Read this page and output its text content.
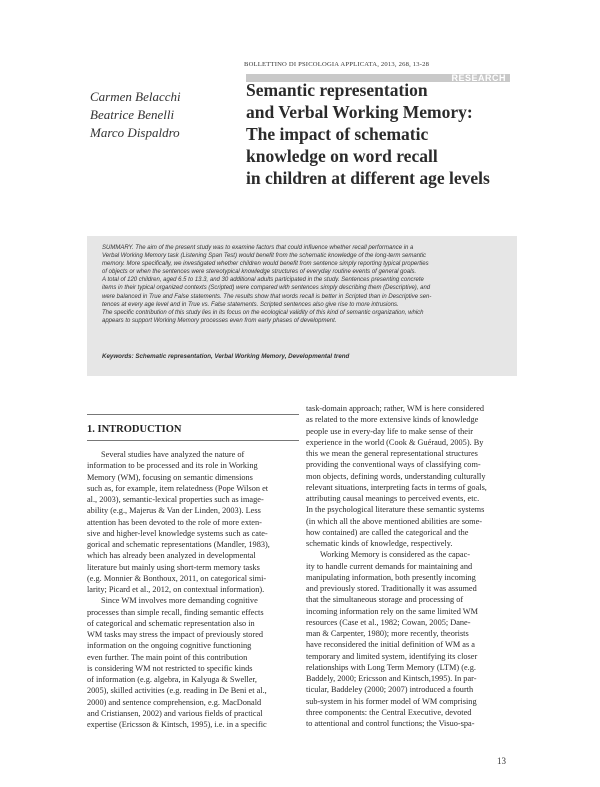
BOLLETTINO DI PSICOLOGIA APPLICATA, 2013, 268, 13-28
RESEARCH
Carmen Belacchi
Beatrice Benelli
Marco Dispaldro
Semantic representation
and Verbal Working Memory:
The impact of schematic
knowledge on word recall
in children at different age levels
SUMMARY. The aim of the present study was to examine factors that could influence whether recall performance in a
Verbal Working Memory task (Listening Span Test) would benefit from the schematic knowledge of the long-term semantic
memory. More specifically, we investigated whether children would benefit from sentence simply reporting typical properties
of objects or when the sentences were stereotypical knowledge structures of everyday routine events of general goals.
A total of 120 children, aged 6.5 to 13.3, and 30 additional adults participated in the study. Sentences presenting concrete
items in their typical organized contexts (Scripted) were compared with sentences simply describing them (Descriptive), and
were balanced in True and False statements. The results show that words recall is better in Scripted than in Descriptive sen-
tences at every age level and in True vs. False statements. Scripted sentences also give rise to more intrusions.
The specific contribution of this study lies in its focus on the ecological validity of this kind of semantic organization, which
appears to support Working Memory processes even from early phases of development.
Keywords: Schematic representation, Verbal Working Memory, Developmental trend
1. INTRODUCTION
Several studies have analyzed the nature of
information to be processed and its role in Working
Memory (WM), focusing on semantic dimensions
such as, for example, item relatedness (Pope Wilson et
al., 2003), semantic-lexical properties such as image-
ability (e.g., Majerus & Van der Linden, 2003). Less
attention has been devoted to the role of more exten-
sive and higher-level knowledge systems such as cate-
gorical and schematic representations (Mandler, 1983),
which has already been analyzed in developmental
literature but mainly using short-term memory tasks
(e.g. Monnier & Bonthoux, 2011, on categorical simi-
larity; Picard et al., 2012, on contextual information).
Since WM involves more demanding cognitive
processes than simple recall, finding semantic effects
of categorical and schematic representation also in
WM tasks may stress the impact of previously stored
information on the ongoing cognitive functioning
even further. The main point of this contribution
is considering WM not restricted to specific kinds
of information (e.g. algebra, in Kalyuga & Sweller,
2005), skilled activities (e.g. reading in De Beni et al.,
2000) and sentence comprehension, e.g. MacDonald
and Cristiansen, 2002) and various fields of practical
expertise (Ericsson & Kintsch, 1995), i.e. in a specific
task-domain approach; rather, WM is here considered
as related to the more extensive kinds of knowledge
people use in every-day life to make sense of their
experience in the world (Cook & Guéraud, 2005). By
this we mean the general representational structures
providing the conventional ways of classifying com-
mon objects, defining words, understanding culturally
relevant situations, interpreting facts in terms of goals,
attributing causal meanings to perceived events, etc.
In the psychological literature these semantic systems
(in which all the above mentioned abilities are some-
how contained) are called the categorical and the
schematic kinds of knowledge, respectively.
Working Memory is considered as the capac-
ity to handle current demands for maintaining and
manipulating information, both presently incoming
and previously stored. Traditionally it was assumed
that the simultaneous storage and processing of
incoming information rely on the same limited WM
resources (Case et al., 1982; Cowan, 2005; Dane-
man & Carpenter, 1980); more recently, theorists
have reconsidered the initial definition of WM as a
temporary and limited system, identifying its closer
relationships with Long Term Memory (LTM) (e.g.
Baddely, 2000; Ericsson and Kintsch,1995). In par-
ticular, Baddeley (2000; 2007) introduced a fourth
sub-system in his former model of WM comprising
three components: the Central Executive, devoted
to attentional and control functions; the Visuo-spa-
13
